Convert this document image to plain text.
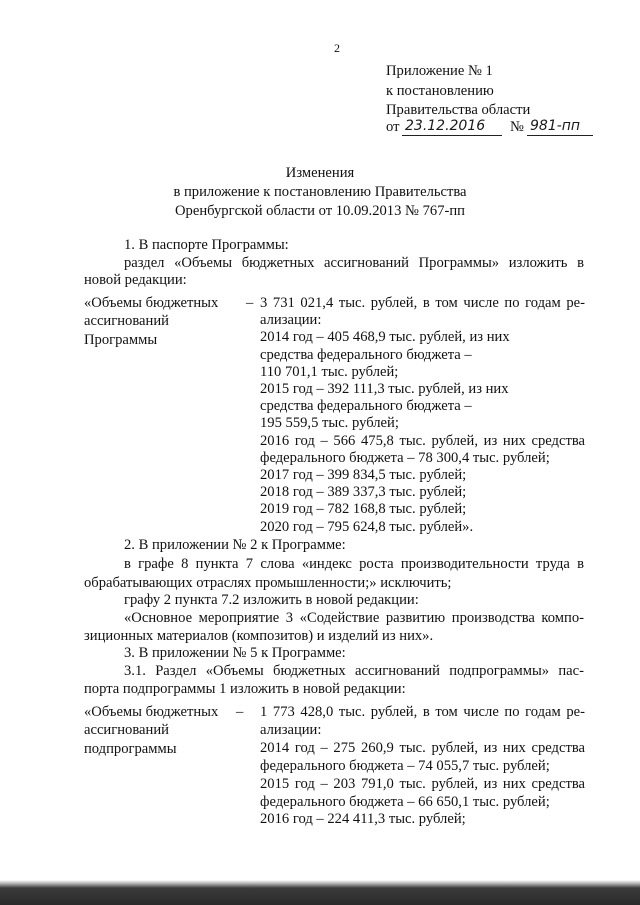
2
Приложение № 1
к постановлению
Правительства области
от 23.12.2016 № 981-пп
Изменения
в приложение к постановлению Правительства
Оренбургской области от 10.09.2013 № 767-пп
1. В паспорте Программы:
раздел «Объемы бюджетных ассигнований Программы» изложить в
новой редакции:
«Объемы бюджетных
ассигнований
Программы
– 3 731 021,4 тыс. рублей, в том числе по годам ре-
ализации:
2014 год – 405 468,9 тыс. рублей, из них
средства федерального бюджета –
110 701,1 тыс. рублей;
2015 год – 392 111,3 тыс. рублей, из них
средства федерального бюджета –
195 559,5 тыс. рублей;
2016 год – 566 475,8 тыс. рублей, из них средства
федерального бюджета – 78 300,4 тыс. рублей;
2017 год – 399 834,5 тыс. рублей;
2018 год – 389 337,3 тыс. рублей;
2019 год – 782 168,8 тыс. рублей;
2020 год – 795 624,8 тыс. рублей».
2. В приложении № 2 к Программе:
в графе 8 пункта 7 слова «индекс роста производительности труда в
обрабатывающих отраслях промышленности;» исключить;
графу 2 пункта 7.2 изложить в новой редакции:
«Основное мероприятие 3 «Содействие развитию производства компо-
зиционных материалов (композитов) и изделий из них».
3. В приложении № 5 к Программе:
3.1. Раздел «Объемы бюджетных ассигнований подпрограммы» пас-
порта подпрограммы 1 изложить в новой редакции:
«Объемы бюджетных
ассигнований
подпрограммы
– 1 773 428,0 тыс. рублей, в том числе по годам ре-
ализации:
2014 год – 275 260,9 тыс. рублей, из них средства
федерального бюджета – 74 055,7 тыс. рублей;
2015 год – 203 791,0 тыс. рублей, из них средства
федерального бюджета – 66 650,1 тыс. рублей;
2016 год – 224 411,3 тыс. рублей;
